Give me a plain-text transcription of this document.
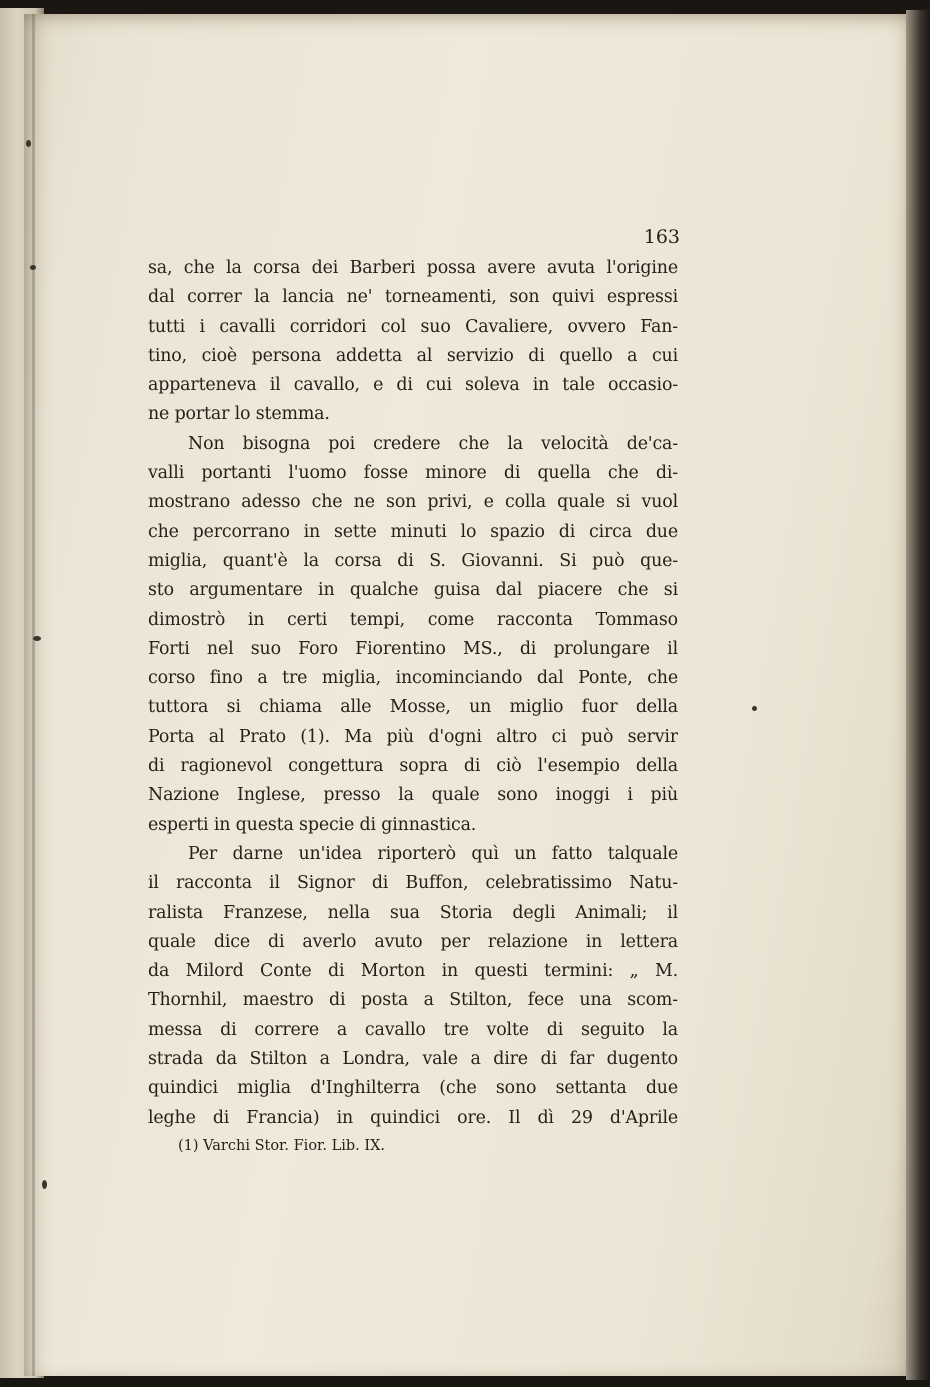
163
sa, che la corsa dei Barberi possa avere avuta l'origine
dal correr la lancia ne' torneamenti, son quivi espressi
tutti i cavalli corridori col suo Cavaliere, ovvero Fan-
tino, cioè persona addetta al servizio di quello a cui
apparteneva il cavallo, e di cui soleva in tale occasio-
ne portar lo stemma.
Non bisogna poi credere che la velocità de'ca-
valli portanti l'uomo fosse minore di quella che di-
mostrano adesso che ne son privi, e colla quale si vuol
che percorrano in sette minuti lo spazio di circa due
miglia, quant'è la corsa di S. Giovanni. Si può que-
sto argumentare in qualche guisa dal piacere che si
dimostrò in certi tempi, come racconta Tommaso
Forti nel suo Foro Fiorentino MS., di prolungare il
corso fino a tre miglia, incominciando dal Ponte, che
tuttora si chiama alle Mosse, un miglio fuor della
Porta al Prato (1). Ma più d'ogni altro ci può servir
di ragionevol congettura sopra di ciò l'esempio della
Nazione Inglese, presso la quale sono inoggi i più
esperti in questa specie di ginnastica.
Per darne un'idea riporterò quì un fatto talquale
il racconta il Signor di Buffon, celebratissimo Natu-
ralista Franzese, nella sua Storia degli Animali; il
quale dice di averlo avuto per relazione in lettera
da Milord Conte di Morton in questi termini: „ M.
Thornhil, maestro di posta a Stilton, fece una scom-
messa di correre a cavallo tre volte di seguito la
strada da Stilton a Londra, vale a dire di far dugento
quindici miglia d'Inghilterra (che sono settanta due
leghe di Francia) in quindici ore. Il dì 29 d'Aprile
(1) Varchi Stor. Fior. Lib. IX.
